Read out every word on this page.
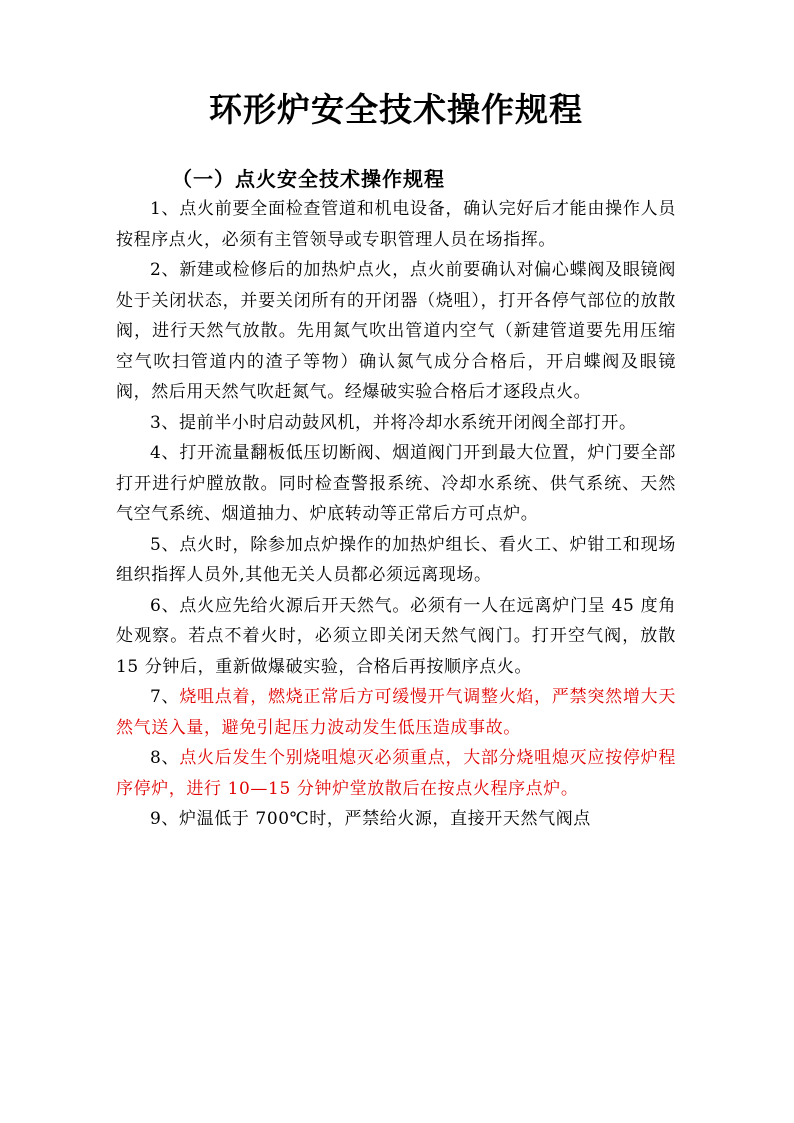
环形炉安全技术操作规程
（一）点火安全技术操作规程

1、点火前要全面检查管道和机电设备，确认完好后才能由操作人员按程序点火，必须有主管领导或专职管理人员在场指挥。

2、新建或检修后的加热炉点火，点火前要确认对偏心蝶阀及眼镜阀处于关闭状态，并要关闭所有的开闭器（烧咀），打开各停气部位的放散阀，进行天然气放散。先用氮气吹出管道内空气（新建管道要先用压缩空气吹扫管道内的渣子等物）确认氮气成分合格后，开启蝶阀及眼镜阀，然后用天然气吹赶氮气。经爆破实验合格后才逐段点火。

3、提前半小时启动鼓风机，并将冷却水系统开闭阀全部打开。

4、打开流量翻板低压切断阀、烟道阀门开到最大位置，炉门要全部打开进行炉膛放散。同时检查警报系统、冷却水系统、供气系统、天然气空气系统、烟道抽力、炉底转动等正常后方可点炉。

5、点火时，除参加点炉操作的加热炉组长、看火工、炉钳工和现场组织指挥人员外,其他无关人员都必须远离现场。

6、点火应先给火源后开天然气。必须有一人在远离炉门呈 45 度角处观察。若点不着火时，必须立即关闭天然气阀门。打开空气阀，放散 15 分钟后，重新做爆破实验，合格后再按顺序点火。

7、烧咀点着，燃烧正常后方可缓慢开气调整火焰，严禁突然增大天然气送入量，避免引起压力波动发生低压造成事故。

8、点火后发生个别烧咀熄灭必须重点，大部分烧咀熄灭应按停炉程序停炉，进行 10—15 分钟炉堂放散后在按点火程序点炉。

9、炉温低于 700℃时，严禁给火源，直接开天然气阀点
